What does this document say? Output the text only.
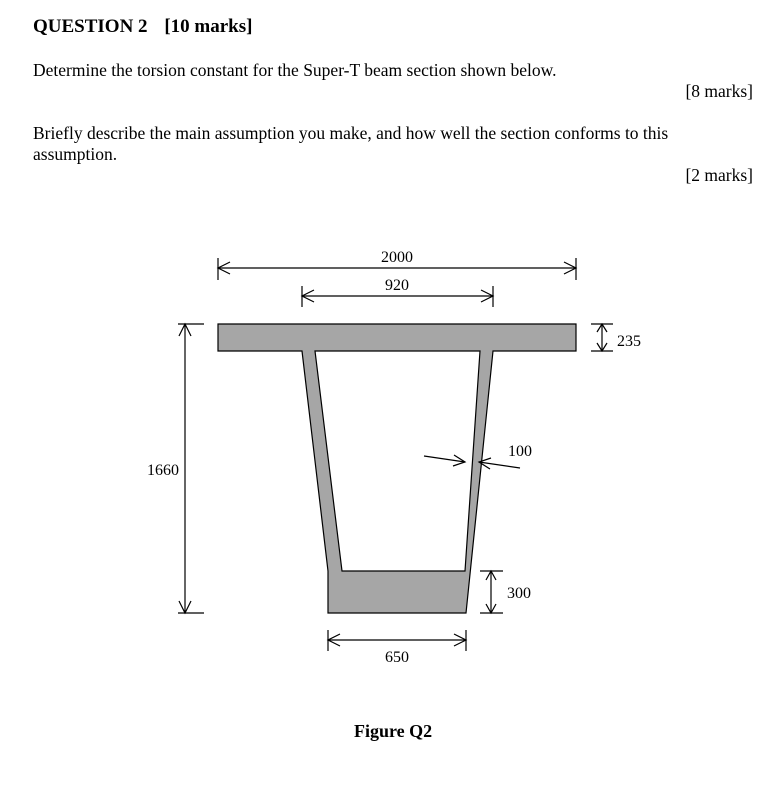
QUESTION 2 [10 marks]
Determine the torsion constant for the Super-T beam section shown below.
[8 marks]
Briefly describe the main assumption you make, and how well the section conforms to this assumption.
[2 marks]
2000
920
235
1660
100
300
650
Figure Q2
